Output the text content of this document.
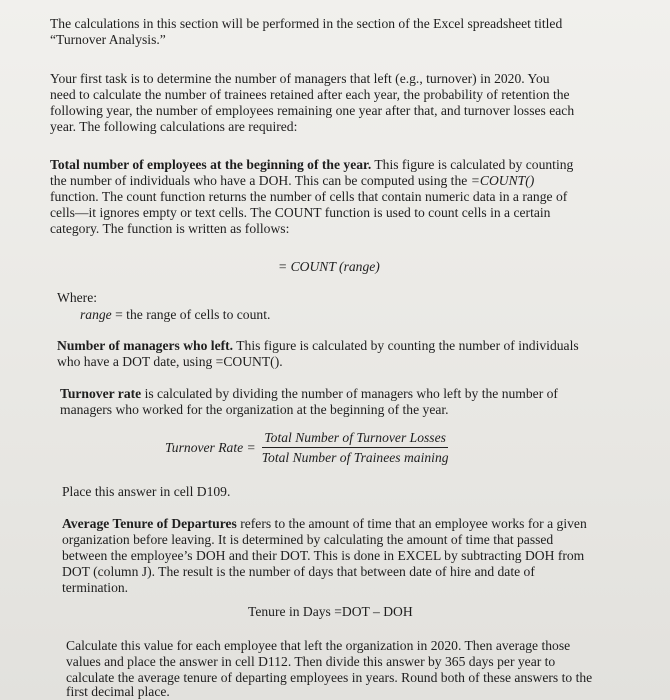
The calculations in this section will be performed in the section of the Excel spreadsheet titled
“Turnover Analysis.”
Your first task is to determine the number of managers that left (e.g., turnover) in 2020. You
need to calculate the number of trainees retained after each year, the probability of retention the
following year, the number of employees remaining one year after that, and turnover losses each
year. The following calculations are required:
Total number of employees at the beginning of the year. This figure is calculated by counting
the number of individuals who have a DOH. This can be computed using the =COUNT()
function. The count function returns the number of cells that contain numeric data in a range of
cells—it ignores empty or text cells. The COUNT function is used to count cells in a certain
category. The function is written as follows:
= COUNT (range)
Where:
range = the range of cells to count.
Number of managers who left. This figure is calculated by counting the number of individuals
who have a DOT date, using =COUNT().
Turnover rate is calculated by dividing the number of managers who left by the number of
managers who worked for the organization at the beginning of the year.
Turnover Rate = $\frac{\text{Total Number of Turnover Losses}}{\text{Total Number of Trainees maining}}$
Place this answer in cell D109.
Average Tenure of Departures refers to the amount of time that an employee works for a given
organization before leaving. It is determined by calculating the amount of time that passed
between the employee’s DOH and their DOT. This is done in EXCEL by subtracting DOH from
DOT (column J). The result is the number of days that between date of hire and date of
termination.
Tenure in Days =DOT – DOH
Calculate this value for each employee that left the organization in 2020. Then average those
values and place the answer in cell D112. Then divide this answer by 365 days per year to
calculate the average tenure of departing employees in years. Round both of these answers to the
first decimal place.
